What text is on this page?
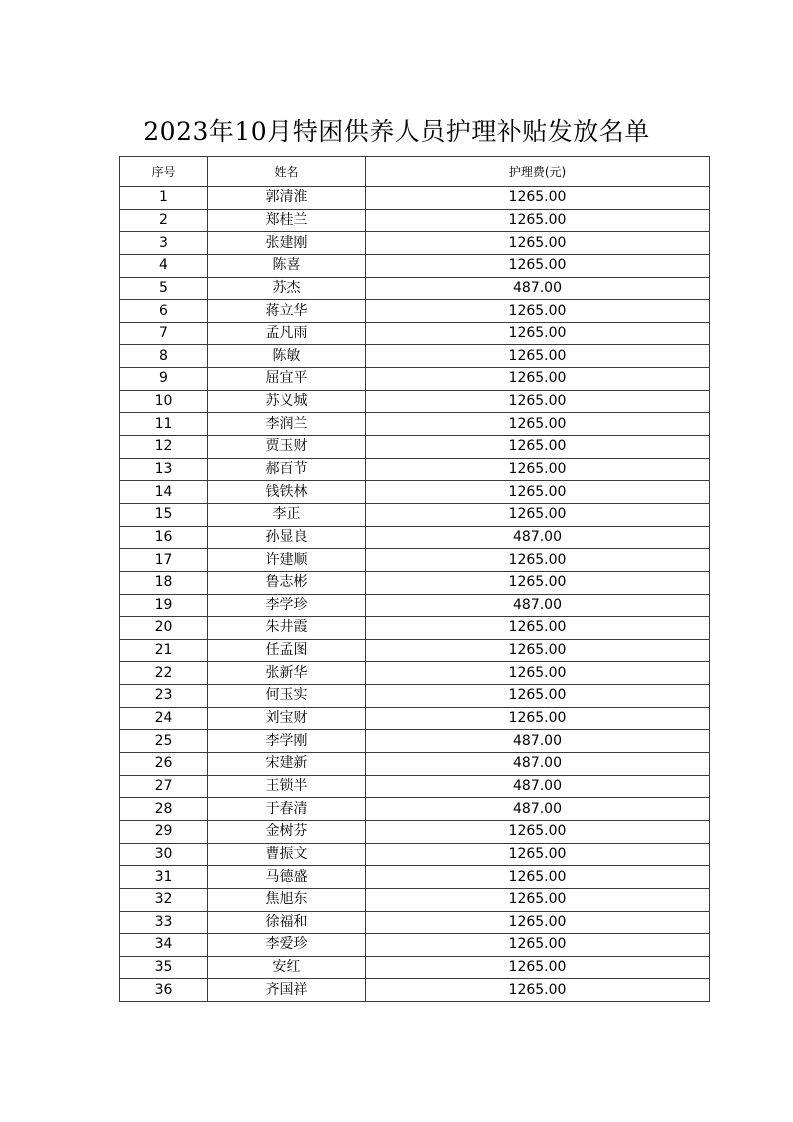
2023年10月特困供养人员护理补贴发放名单
序号	姓名	护理费(元)
1	郭清淮	1265.00
2	郑桂兰	1265.00
3	张建刚	1265.00
4	陈喜	1265.00
5	苏杰	487.00
6	蒋立华	1265.00
7	孟凡雨	1265.00
8	陈敏	1265.00
9	屈宜平	1265.00
10	苏义城	1265.00
11	李润兰	1265.00
12	贾玉财	1265.00
13	郝百节	1265.00
14	钱铁林	1265.00
15	李正	1265.00
16	孙显良	487.00
17	许建顺	1265.00
18	鲁志彬	1265.00
19	李学珍	487.00
20	朱井霞	1265.00
21	任孟图	1265.00
22	张新华	1265.00
23	何玉实	1265.00
24	刘宝财	1265.00
25	李学刚	487.00
26	宋建新	487.00
27	王锁半	487.00
28	于春清	487.00
29	金树芬	1265.00
30	曹振文	1265.00
31	马德盛	1265.00
32	焦旭东	1265.00
33	徐福和	1265.00
34	李爱珍	1265.00
35	安红	1265.00
36	齐国祥	1265.00
